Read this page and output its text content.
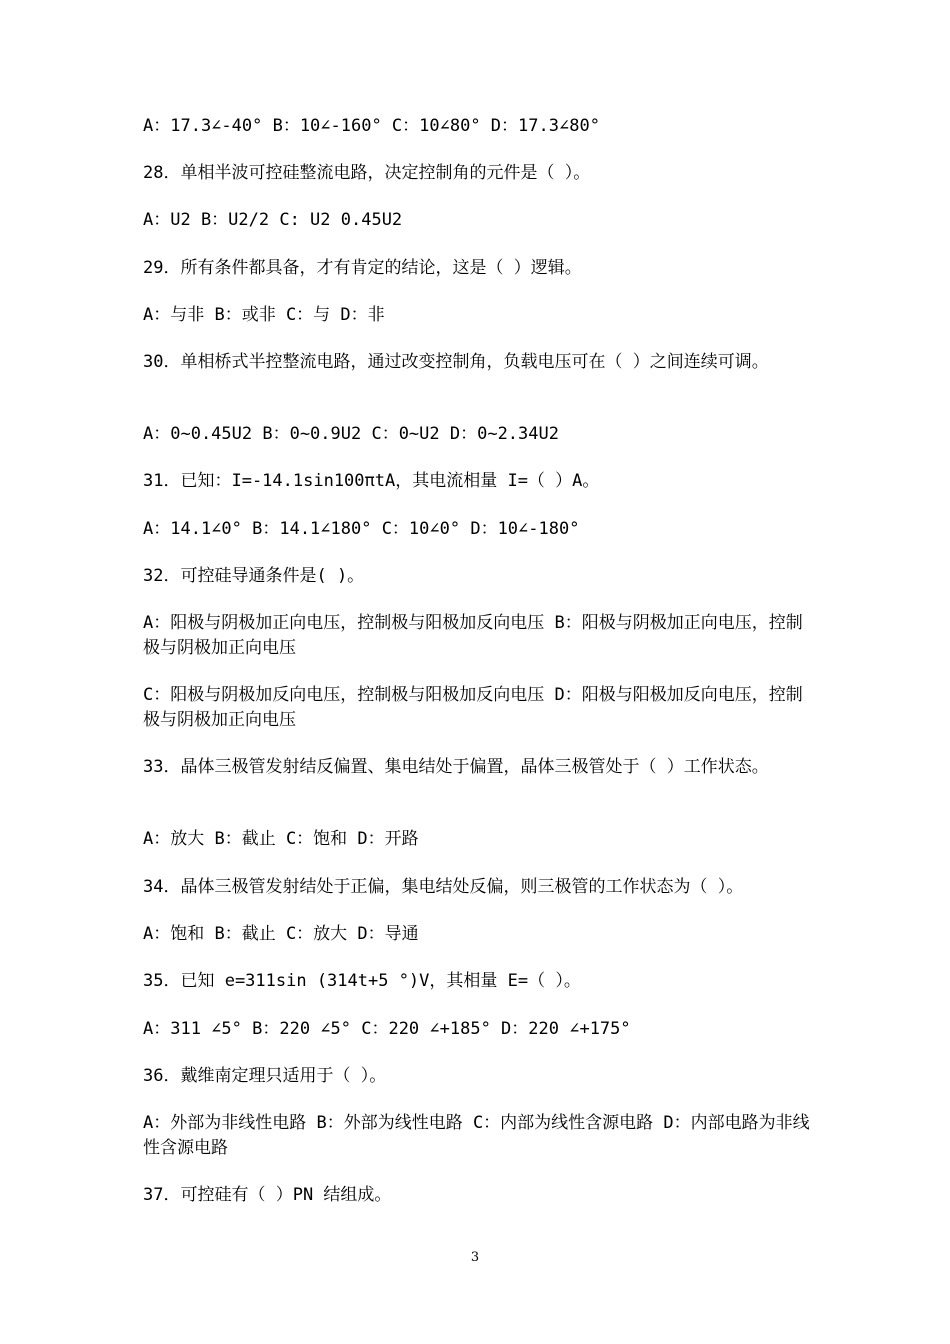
A：17.3∠-40° B：10∠-160° C：10∠80° D：17.3∠80°
28．单相半波可控硅整流电路，决定控制角的元件是（ ）。
A：U2 B：U2/2 C: U2 0.45U2
29．所有条件都具备，才有肯定的结论，这是（ ）逻辑。
A：与非 B：或非 C：与 D：非
30．单相桥式半控整流电路，通过改变控制角，负载电压可在（ ）之间连续可调。
A：0~0.45U2 B：0~0.9U2 C：0~U2 D：0~2.34U2
31．已知：I=-14.1sin100πtA，其电流相量 I=（ ）A。
A：14.1∠0° B：14.1∠180° C：10∠0° D：10∠-180°
32．可控硅导通条件是( )。
A：阳极与阴极加正向电压，控制极与阳极加反向电压 B：阳极与阴极加正向电压，控制极与阴极加正向电压
C：阳极与阴极加反向电压，控制极与阳极加反向电压 D：阳极与阳极加反向电压，控制极与阴极加正向电压
33．晶体三极管发射结反偏置、集电结处于偏置，晶体三极管处于（ ）工作状态。
A：放大 B：截止 C：饱和 D：开路
34．晶体三极管发射结处于正偏，集电结处反偏，则三极管的工作状态为（ ）。
A：饱和 B：截止 C：放大 D：导通
35．已知 e=311sin (314t+5 °)V，其相量 E=（ ）。
A：311 ∠5° B：220 ∠5° C：220 ∠+185° D：220 ∠+175°
36．戴维南定理只适用于（ ）。
A：外部为非线性电路 B：外部为线性电路 C：内部为线性含源电路 D：内部电路为非线性含源电路
37．可控硅有（ ）PN 结组成。
3
